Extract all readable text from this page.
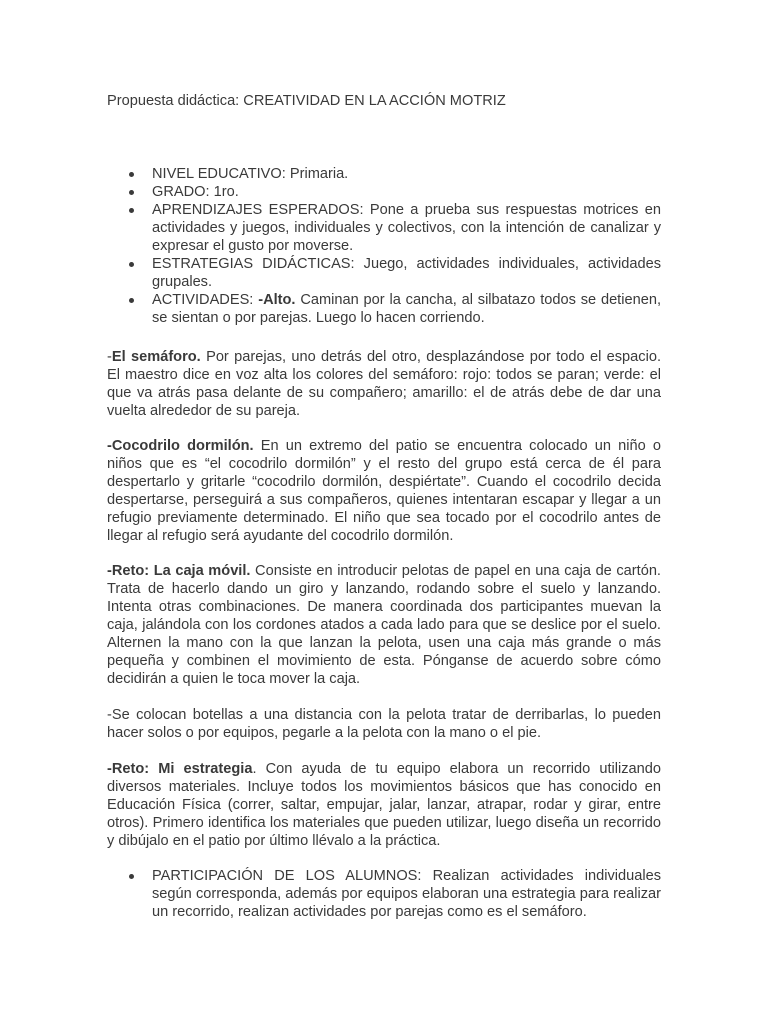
Propuesta didáctica: CREATIVIDAD EN LA ACCIÓN MOTRIZ
NIVEL EDUCATIVO: Primaria.
GRADO: 1ro.
APRENDIZAJES ESPERADOS: Pone a prueba sus respuestas motrices en actividades y juegos, individuales y colectivos, con la intención de canalizar y expresar el gusto por moverse.
ESTRATEGIAS DIDÁCTICAS: Juego, actividades individuales, actividades grupales.
ACTIVIDADES: -Alto. Caminan por la cancha, al silbatazo todos se detienen, se sientan o por parejas. Luego lo hacen corriendo.

-El semáforo. Por parejas, uno detrás del otro, desplazándose por todo el espacio. El maestro dice en voz alta los colores del semáforo: rojo: todos se paran; verde: el que va atrás pasa delante de su compañero; amarillo: el de atrás debe de dar una vuelta alrededor de su pareja.

-Cocodrilo dormilón. En un extremo del patio se encuentra colocado un niño o niños que es “el cocodrilo dormilón” y el resto del grupo está cerca de él para despertarlo y gritarle “cocodrilo dormilón, despiértate”. Cuando el cocodrilo decida despertarse, perseguirá a sus compañeros, quienes intentaran escapar y llegar a un refugio previamente determinado. El niño que sea tocado por el cocodrilo antes de llegar al refugio será ayudante del cocodrilo dormilón.

-Reto: La caja móvil. Consiste en introducir pelotas de papel en una caja de cartón. Trata de hacerlo dando un giro y lanzando, rodando sobre el suelo y lanzando. Intenta otras combinaciones. De manera coordinada dos participantes muevan la caja, jalándola con los cordones atados a cada lado para que se deslice por el suelo. Alternen la mano con la que lanzan la pelota, usen una caja más grande o más pequeña y combinen el movimiento de esta. Pónganse de acuerdo sobre cómo decidirán a quien le toca mover la caja.

-Se colocan botellas a una distancia con la pelota tratar de derribarlas, lo pueden hacer solos o por equipos, pegarle a la pelota con la mano o el pie.

-Reto: Mi estrategia. Con ayuda de tu equipo elabora un recorrido utilizando diversos materiales. Incluye todos los movimientos básicos que has conocido en Educación Física (correr, saltar, empujar, jalar, lanzar, atrapar, rodar y girar, entre otros). Primero identifica los materiales que pueden utilizar, luego diseña un recorrido y dibújalo en el patio por último llévalo a la práctica.

PARTICIPACIÓN DE LOS ALUMNOS: Realizan actividades individuales según corresponda, además por equipos elaboran una estrategia para realizar un recorrido, realizan actividades por parejas como es el semáforo.
